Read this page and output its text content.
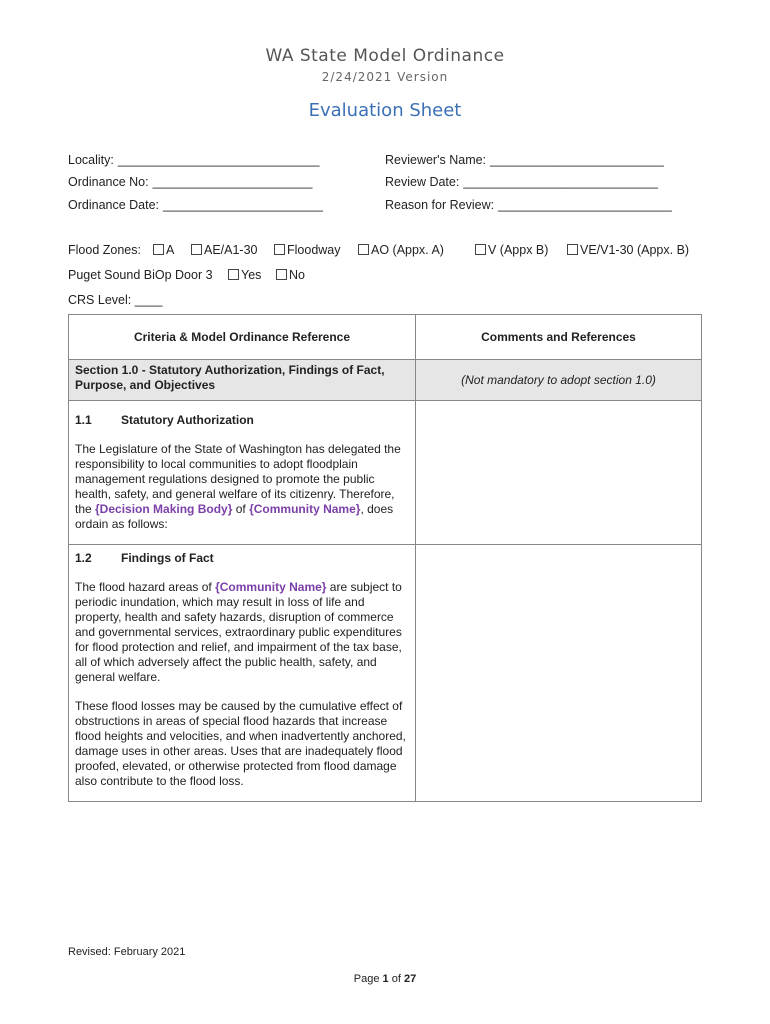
WA State Model Ordinance
2/24/2021 Version
Evaluation Sheet
Locality: _____________________________
Ordinance No: _______________________
Ordinance Date: _______________________
Reviewer's Name: _________________________
Review Date: ____________________________
Reason for Review: _________________________
Flood Zones:	A	AE/A1-30	Floodway	AO (Appx. A)	V (Appx B)	VE/V1-30 (Appx. B)
Puget Sound BiOp Door 3	Yes	No
CRS Level: ____
Criteria & Model Ordinance Reference	Comments and References
Section 1.0 - Statutory Authorization, Findings of Fact, Purpose, and Objectives	(Not mandatory to adopt section 1.0)

1.1 Statutory Authorization

The Legislature of the State of Washington has delegated the responsibility to local communities to adopt floodplain management regulations designed to promote the public health, safety, and general welfare of its citizenry. Therefore, the {Decision Making Body} of {Community Name}, does ordain as follows:	

1.2 Findings of Fact

The flood hazard areas of {Community Name} are subject to periodic inundation, which may result in loss of life and property, health and safety hazards, disruption of commerce and governmental services, extraordinary public expenditures for flood protection and relief, and impairment of the tax base, all of which adversely affect the public health, safety, and general welfare.

These flood losses may be caused by the cumulative effect of obstructions in areas of special flood hazards that increase flood heights and velocities, and when inadvertently anchored, damage uses in other areas. Uses that are inadequately flood proofed, elevated, or otherwise protected from flood damage also contribute to the flood loss.	

Revised: February 2021
Page 1 of 27
